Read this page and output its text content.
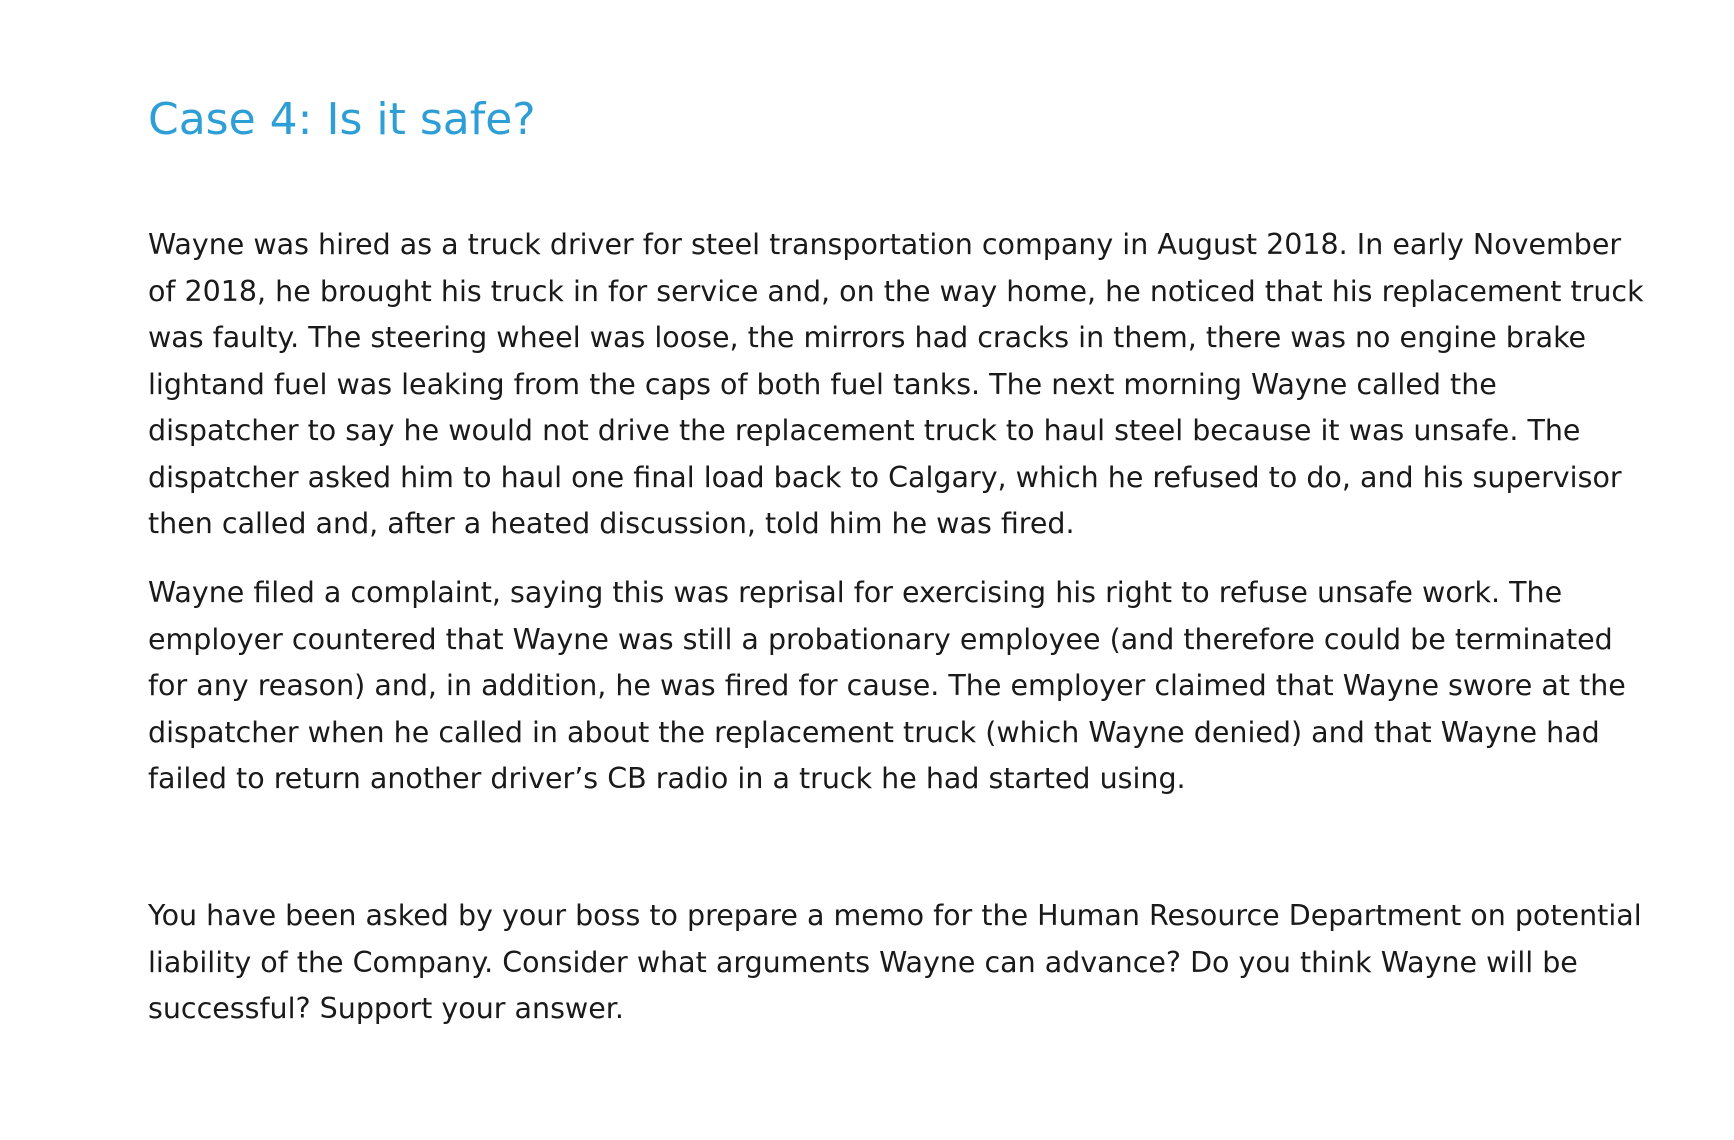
Case 4: Is it safe?

Wayne was hired as a truck driver for steel transportation company in August 2018. In early November
of 2018, he brought his truck in for service and, on the way home, he noticed that his replacement truck
was faulty. The steering wheel was loose, the mirrors had cracks in them, there was no engine brake
lightand fuel was leaking from the caps of both fuel tanks. The next morning Wayne called the
dispatcher to say he would not drive the replacement truck to haul steel because it was unsafe. The
dispatcher asked him to haul one final load back to Calgary, which he refused to do, and his supervisor
then called and, after a heated discussion, told him he was fired.

Wayne filed a complaint, saying this was reprisal for exercising his right to refuse unsafe work. The
employer countered that Wayne was still a probationary employee (and therefore could be terminated
for any reason) and, in addition, he was fired for cause. The employer claimed that Wayne swore at the
dispatcher when he called in about the replacement truck (which Wayne denied) and that Wayne had
failed to return another driver’s CB radio in a truck he had started using.

You have been asked by your boss to prepare a memo for the Human Resource Department on potential
liability of the Company. Consider what arguments Wayne can advance? Do you think Wayne will be
successful? Support your answer.
